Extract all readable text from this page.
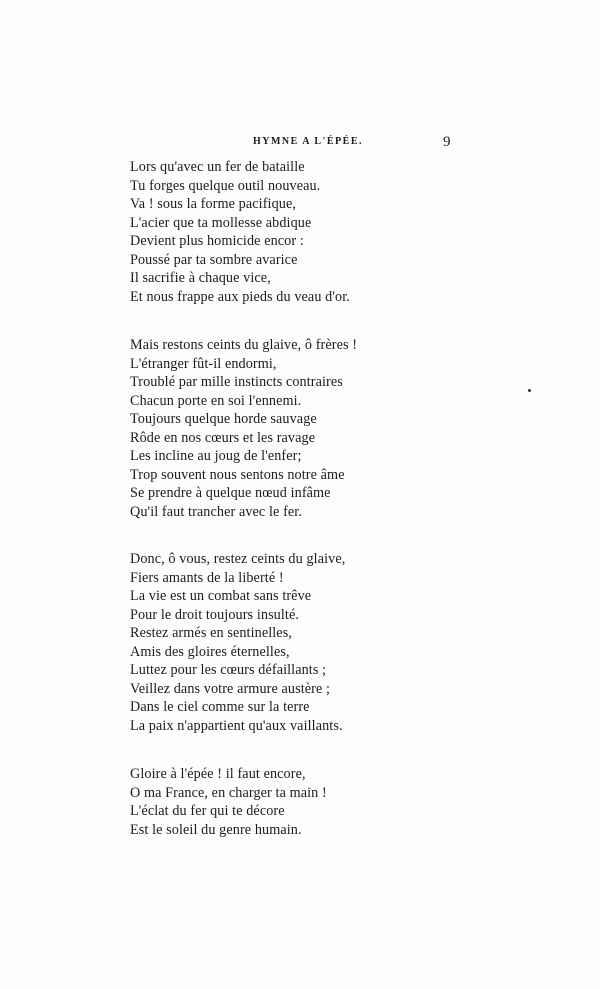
HYMNE A L'ÉPÉE.	9
Lors qu'avec un fer de bataille
Tu forges quelque outil nouveau.
Va ! sous la forme pacifique,
L'acier que ta mollesse abdique
Devient plus homicide encor :
Poussé par ta sombre avarice
Il sacrifie à chaque vice,
Et nous frappe aux pieds du veau d'or.
Mais restons ceints du glaive, ô frères !
L'étranger fût-il endormi,
Troublé par mille instincts contraires
Chacun porte en soi l'ennemi.
Toujours quelque horde sauvage
Rôde en nos cœurs et les ravage
Les incline au joug de l'enfer;
Trop souvent nous sentons notre âme
Se prendre à quelque nœud infâme
Qu'il faut trancher avec le fer.
Donc, ô vous, restez ceints du glaive,
Fiers amants de la liberté !
La vie est un combat sans trêve
Pour le droit toujours insulté.
Restez armés en sentinelles,
Amis des gloires éternelles,
Luttez pour les cœurs défaillants ;
Veillez dans votre armure austère ;
Dans le ciel comme sur la terre
La paix n'appartient qu'aux vaillants.
Gloire à l'épée ! il faut encore,
O ma France, en charger ta main !
L'éclat du fer qui te décore
Est le soleil du genre humain.
